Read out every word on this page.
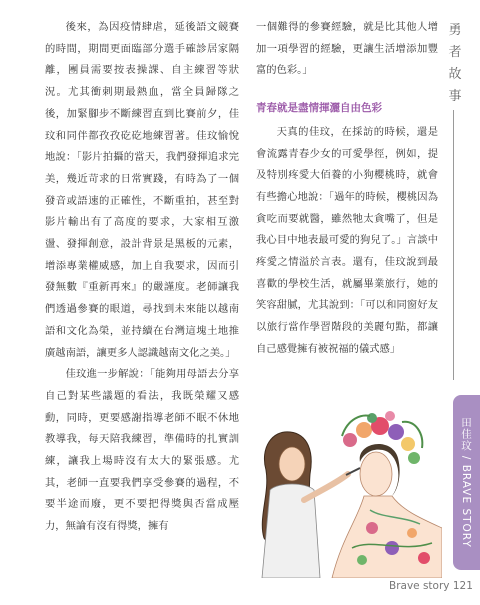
後來，為因疫情肆虐，延後語文競賽的時間，期間更面臨部分選手確診居家隔離，團員需要按表操課、自主練習等狀況。尤其衝刺期最熱血，當全員歸隊之後，加緊腳步不斷練習直到比賽前夕，佳玟和同伴都孜孜矻矻地練習著。佳玟愉悅地說：「影片拍攝的當天，我們發揮追求完美，幾近苛求的日常實踐，有時為了一個發音或語速的正確性，不斷重拍，甚至對影片輸出有了高度的要求，大家相互激盪、發揮創意，設計背景是黑板的元素，增添專業權威感，加上自我要求，因而引發無數『重新再來』的嚴謹度。老師讓我們透過參賽的眼道，尋找到未來能以越南語和文化為榮，並持續在台灣這塊土地推廣越南語，讓更多人認識越南文化之美。」

佳玟進一步解說：「能夠用母語去分享自己對某些議題的看法，我既榮耀又感動，同時，更要感謝指導老師不眠不休地教導我，每天陪我練習，準備時的扎實訓練，讓我上場時沒有太大的緊張感。尤其，老師一直要我們享受參賽的過程，不要半途而廢，更不要把得獎與否當成壓力，無論有沒有得獎，擁有

一個難得的參賽經驗，就是比其他人增加一項學習的經驗，更讓生活增添加豐富的色彩。」

青春就是盡情揮灑自由色彩

天真的佳玟，在採訪的時候，還是會流露青春少女的可愛學徑，例如，提及特別疼愛大佰養的小狗櫻桃時，就會有些擔心地說：「過年的時候，櫻桃因為貪吃而要就醫，雖然牠太貪嘴了，但是我心目中地表最可愛的狗兒了。」言談中疼愛之情溢於言表。還有，佳玟說到最喜歡的學校生活，就屬畢業旅行，她的笑容甜膩，尤其說到：「可以和同窗好友以旅行當作學習階段的美麗句點，都讓自己感覺擁有被祝福的儀式感」

勇
者
故
事
田佳玟 / BRAVE STORY
Brave story 121
